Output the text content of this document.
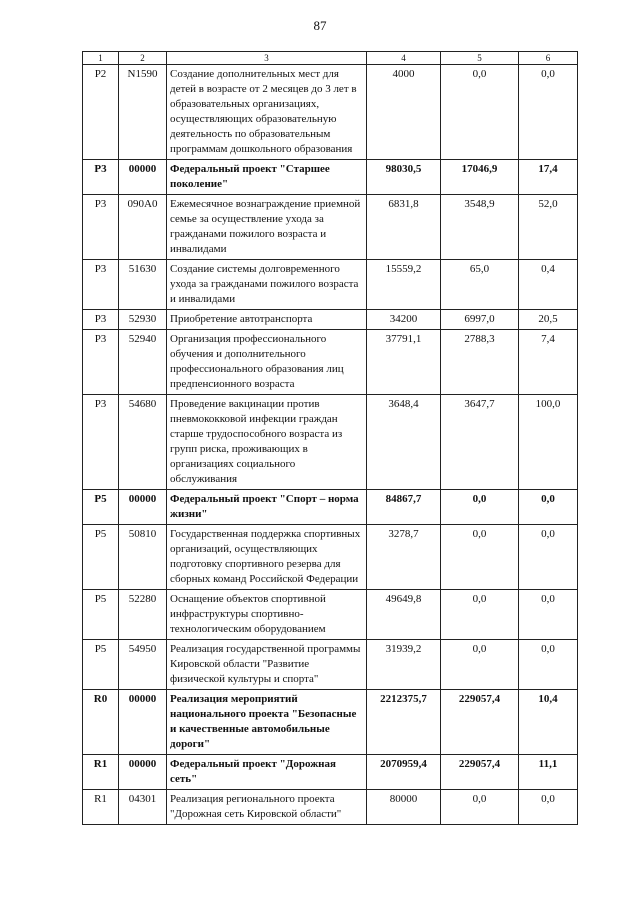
87
1	2	3	4	5	6
P2	N1590	Создание дополнительных мест для детей в возрасте от 2 месяцев до 3 лет в образовательных организациях, осуществляющих образовательную деятельность по образовательным программам дошкольного образования	4000	0,0	0,0
P3	00000	Федеральный проект "Старшее поколение"	98030,5	17046,9	17,4
P3	090A0	Ежемесячное вознаграждение приемной семье за осуществление ухода за гражданами пожилого возраста и инвалидами	6831,8	3548,9	52,0
P3	51630	Создание системы долговременного ухода за гражданами пожилого возраста и инвалидами	15559,2	65,0	0,4
P3	52930	Приобретение автотранспорта	34200	6997,0	20,5
P3	52940	Организация профессионального обучения и дополнительного профессионального образования лиц предпенсионного возраста	37791,1	2788,3	7,4
P3	54680	Проведение вакцинации против пневмококковой инфекции граждан старше трудоспособного возраста из групп риска, проживающих в организациях социального обслуживания	3648,4	3647,7	100,0
P5	00000	Федеральный проект "Спорт – норма жизни"	84867,7	0,0	0,0
P5	50810	Государственная поддержка спортивных организаций, осуществляющих подготовку спортивного резерва для сборных команд Российской Федерации	3278,7	0,0	0,0
P5	52280	Оснащение объектов спортивной инфраструктуры спортивно-технологическим оборудованием	49649,8	0,0	0,0
P5	54950	Реализация государственной программы Кировской области "Развитие физической культуры и спорта"	31939,2	0,0	0,0
R0	00000	Реализация мероприятий национального проекта "Безопасные и качественные автомобильные дороги"	2212375,7	229057,4	10,4
R1	00000	Федеральный проект "Дорожная сеть"	2070959,4	229057,4	11,1
R1	04301	Реализация регионального проекта "Дорожная сеть Кировской области"	80000	0,0	0,0
